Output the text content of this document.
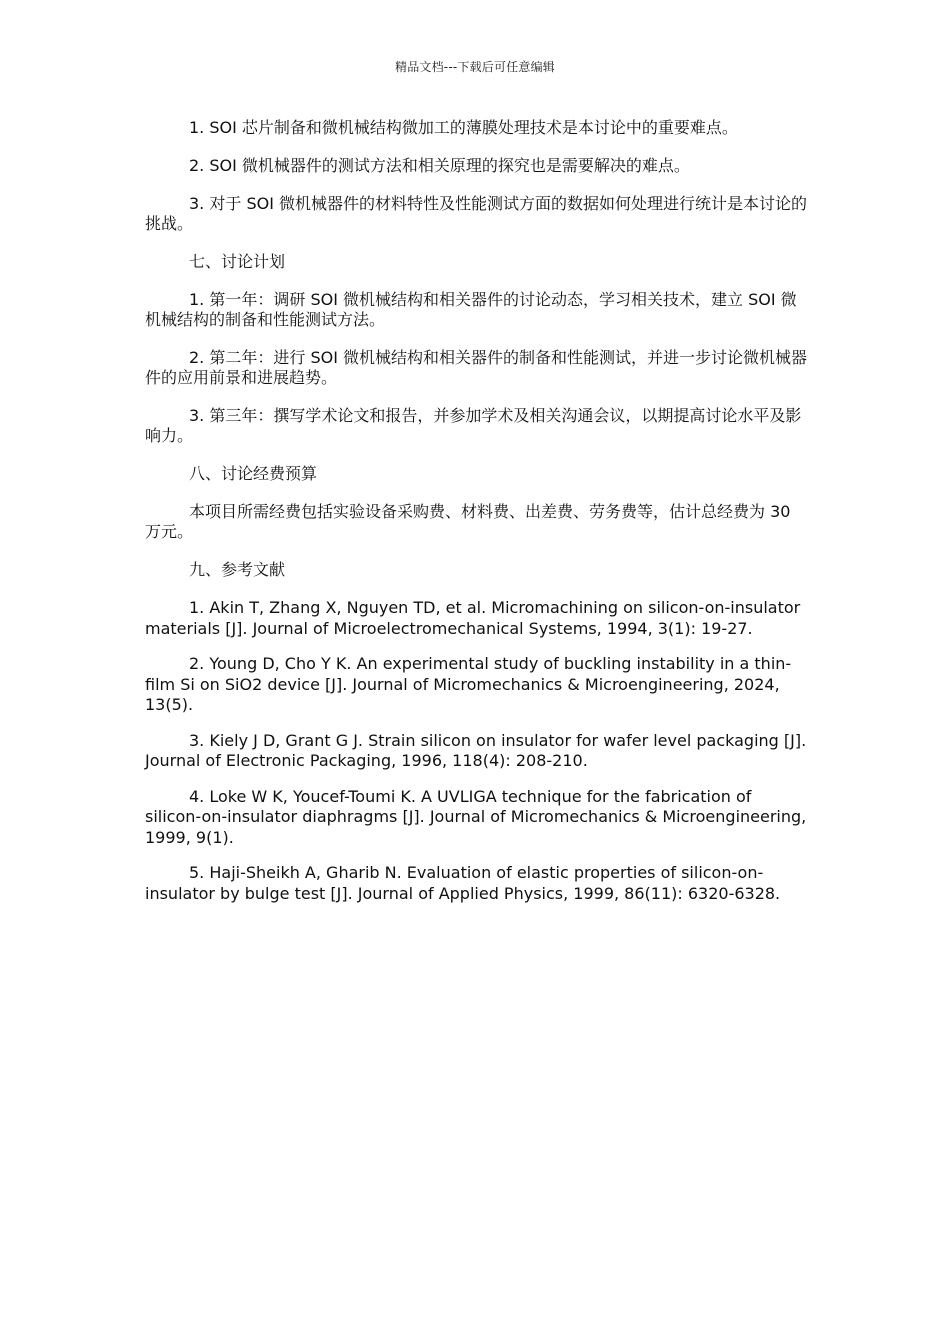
精品文档---下载后可任意编辑

1. SOI 芯片制备和微机械结构微加工的薄膜处理技术是本讨论中的重要难点。

2. SOI 微机械器件的测试方法和相关原理的探究也是需要解决的难点。

3. 对于 SOI 微机械器件的材料特性及性能测试方面的数据如何处理进行统计是本讨论的挑战。

七、讨论计划

1. 第一年：调研 SOI 微机械结构和相关器件的讨论动态，学习相关技术，建立 SOI 微机械结构的制备和性能测试方法。

2. 第二年：进行 SOI 微机械结构和相关器件的制备和性能测试，并进一步讨论微机械器件的应用前景和进展趋势。

3. 第三年：撰写学术论文和报告，并参加学术及相关沟通会议，以期提高讨论水平及影响力。

八、讨论经费预算

本项目所需经费包括实验设备采购费、材料费、出差费、劳务费等，估计总经费为 30 万元。

九、参考文献

1. Akin T, Zhang X, Nguyen TD, et al. Micromachining on silicon-on-insulator materials [J]. Journal of Microelectromechanical Systems, 1994, 3(1): 19-27.

2. Young D, Cho Y K. An experimental study of buckling instability in a thin-film Si on SiO2 device [J]. Journal of Micromechanics & Microengineering, 2024, 13(5).

3. Kiely J D, Grant G J. Strain silicon on insulator for wafer level packaging [J]. Journal of Electronic Packaging, 1996, 118(4): 208-210.

4. Loke W K, Youcef-Toumi K. A UVLIGA technique for the fabrication of silicon-on-insulator diaphragms [J]. Journal of Micromechanics & Microengineering, 1999, 9(1).

5. Haji-Sheikh A, Gharib N. Evaluation of elastic properties of silicon-on-insulator by bulge test [J]. Journal of Applied Physics, 1999, 86(11): 6320-6328.
